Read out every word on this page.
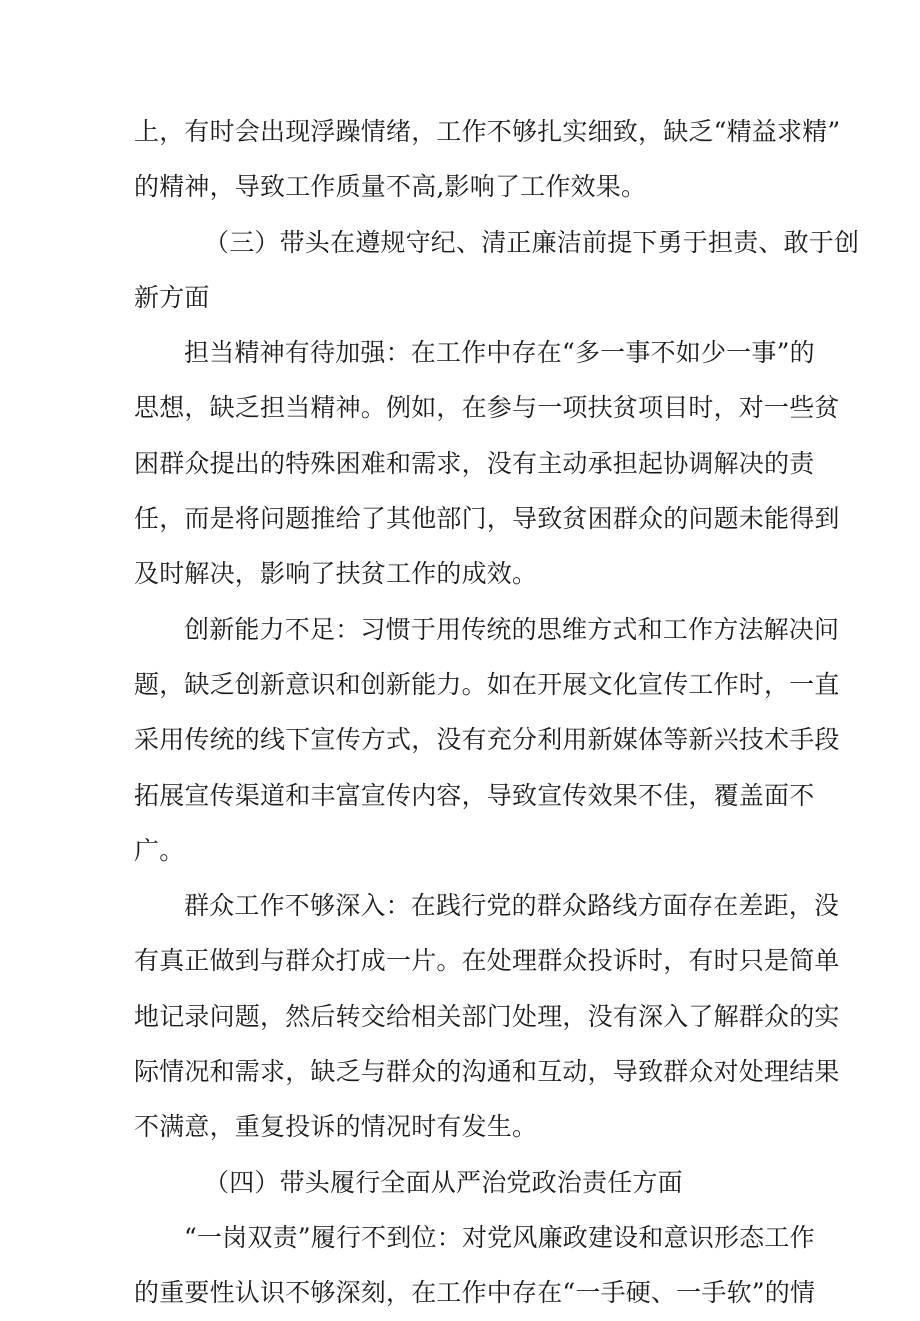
上，有时会出现浮躁情绪，工作不够扎实细致，缺乏“精益求精”
的精神，导致工作质量不高,影响了工作效果。
（三）带头在遵规守纪、清正廉洁前提下勇于担责、敢于创
新方面
担当精神有待加强：在工作中存在“多一事不如少一事”的
思想，缺乏担当精神。例如，在参与一项扶贫项目时，对一些贫
困群众提出的特殊困难和需求，没有主动承担起协调解决的责
任，而是将问题推给了其他部门，导致贫困群众的问题未能得到
及时解决，影响了扶贫工作的成效。
创新能力不足：习惯于用传统的思维方式和工作方法解决问
题，缺乏创新意识和创新能力。如在开展文化宣传工作时，一直
采用传统的线下宣传方式，没有充分利用新媒体等新兴技术手段
拓展宣传渠道和丰富宣传内容，导致宣传效果不佳，覆盖面不
广。
群众工作不够深入：在践行党的群众路线方面存在差距，没
有真正做到与群众打成一片。在处理群众投诉时，有时只是简单
地记录问题，然后转交给相关部门处理，没有深入了解群众的实
际情况和需求，缺乏与群众的沟通和互动，导致群众对处理结果
不满意，重复投诉的情况时有发生。
（四）带头履行全面从严治党政治责任方面
“一岗双责”履行不到位：对党风廉政建设和意识形态工作
的重要性认识不够深刻，在工作中存在“一手硬、一手软”的情
